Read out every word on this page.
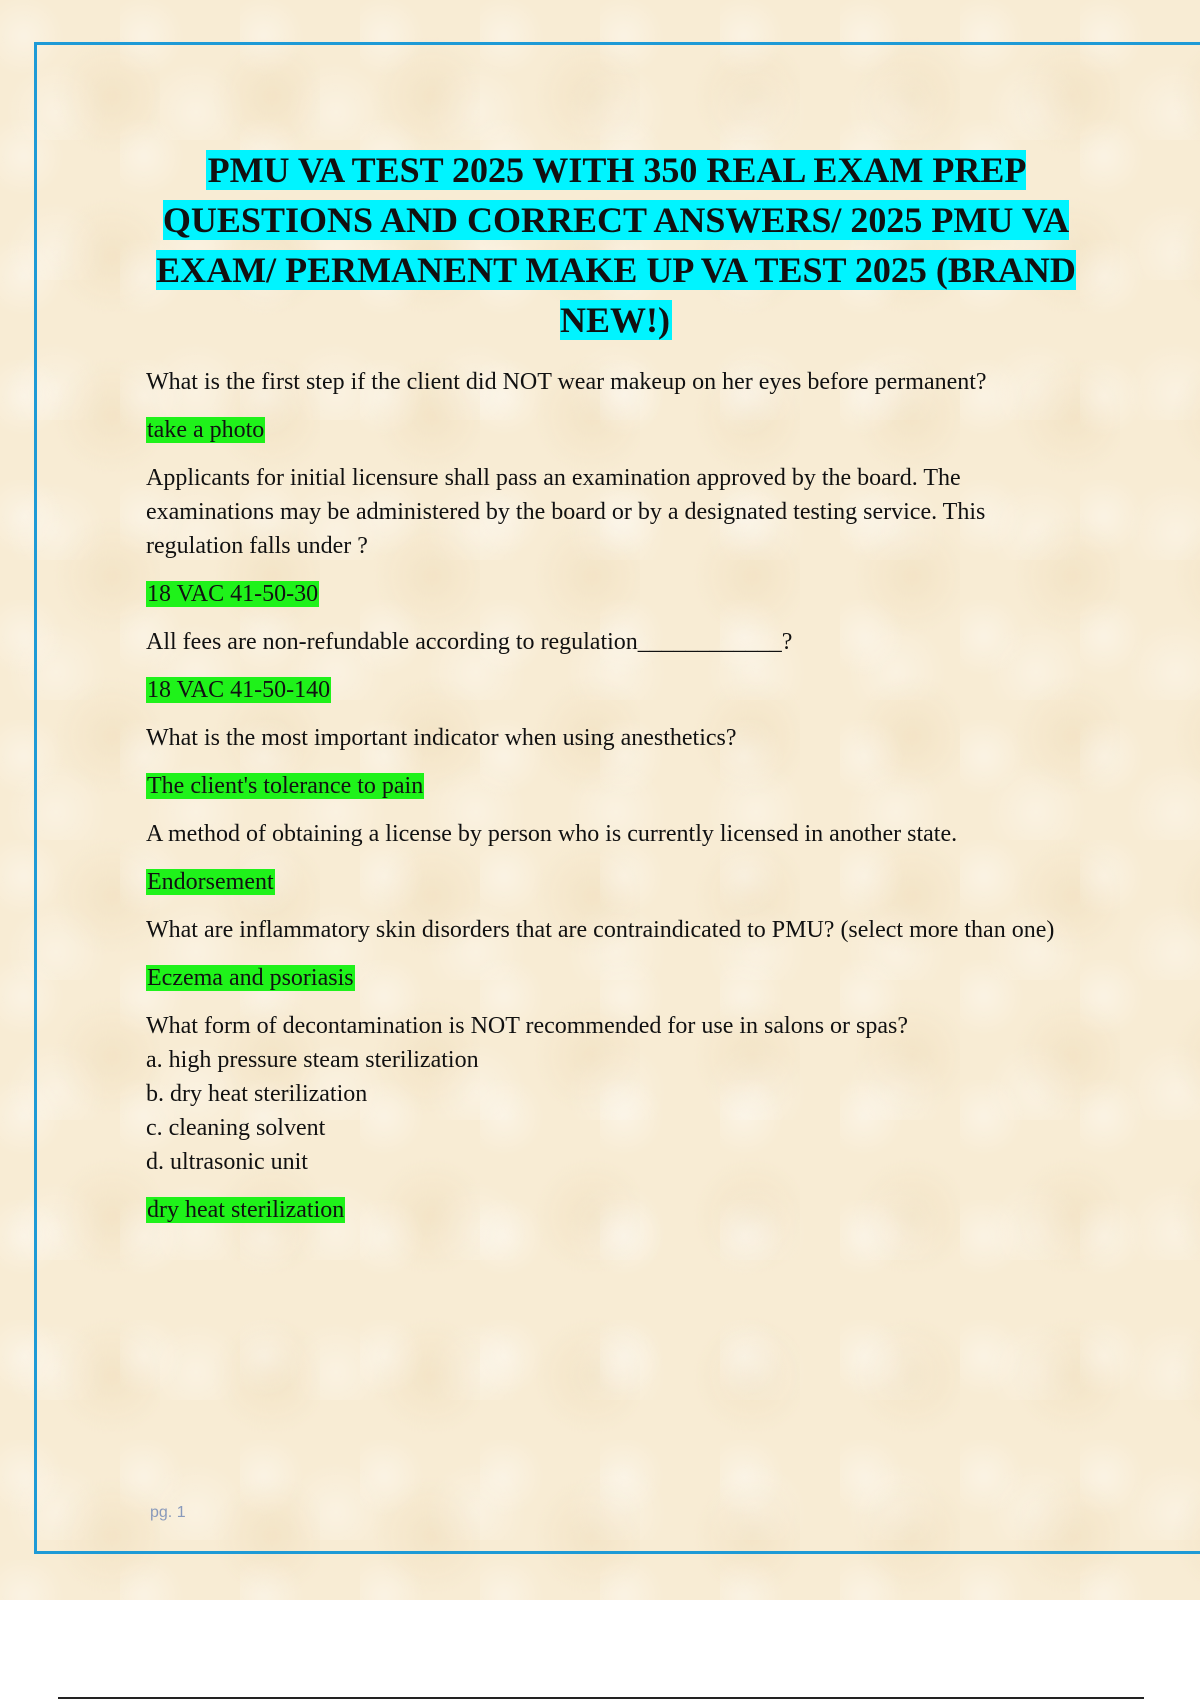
PMU VA TEST 2025 WITH 350 REAL EXAM PREP QUESTIONS AND CORRECT ANSWERS/ 2025 PMU VA EXAM/ PERMANENT MAKE UP VA TEST 2025 (BRAND NEW!)

What is the first step if the client did NOT wear makeup on her eyes before permanent?

take a photo

Applicants for initial licensure shall pass an examination approved by the board. The examinations may be administered by the board or by a designated testing service. This regulation falls under ?

18 VAC 41-50-30

All fees are non-refundable according to regulation____________?

18 VAC 41-50-140

What is the most important indicator when using anesthetics?

The client's tolerance to pain

A method of obtaining a license by person who is currently licensed in another state.

Endorsement

What are inflammatory skin disorders that are contraindicated to PMU? (select more than one)

Eczema and psoriasis

What form of decontamination is NOT recommended for use in salons or spas?
a. high pressure steam sterilization
b. dry heat sterilization
c. cleaning solvent
d. ultrasonic unit

dry heat sterilization

pg. 1
